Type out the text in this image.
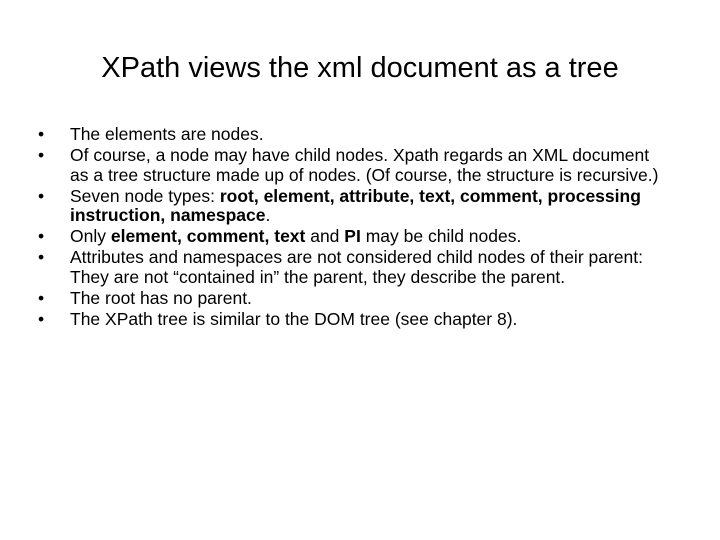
XPath views the xml document as a tree
• The elements are nodes.
• Of course, a node may have child nodes. Xpath regards an XML document as a tree structure made up of nodes. (Of course, the structure is recursive.)
• Seven node types: root, element, attribute, text, comment, processing instruction, namespace.
• Only element, comment, text and PI may be child nodes.
• Attributes and namespaces are not considered child nodes of their parent: They are not “contained in” the parent, they describe the parent.
• The root has no parent.
• The XPath tree is similar to the DOM tree (see chapter 8).
